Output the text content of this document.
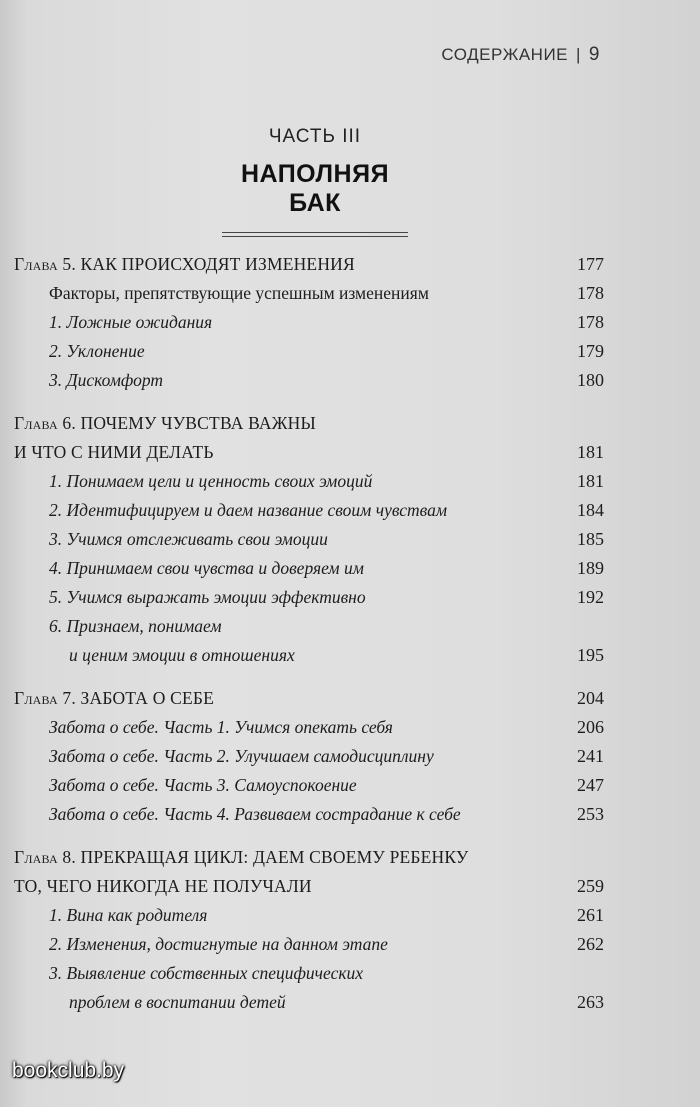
СОДЕРЖАНИЕ | 9
ЧАСТЬ III
НАПОЛНЯЯ БАК
Глава 5. КАК ПРОИСХОДЯТ ИЗМЕНЕНИЯ	177
Факторы, препятствующие успешным изменениям	178
1. Ложные ожидания	178
2. Уклонение	179
3. Дискомфорт	180
Глава 6. ПОЧЕМУ ЧУВСТВА ВАЖНЫ
И ЧТО С НИМИ ДЕЛАТЬ	181
1. Понимаем цели и ценность своих эмоций	181
2. Идентифицируем и даем название своим чувствам	184
3. Учимся отслеживать свои эмоции	185
4. Принимаем свои чувства и доверяем им	189
5. Учимся выражать эмоции эффективно	192
6. Признаем, понимаем
и ценим эмоции в отношениях	195
Глава 7. ЗАБОТА О СЕБЕ	204
Забота о себе. Часть 1. Учимся опекать себя	206
Забота о себе. Часть 2. Улучшаем самодисциплину	241
Забота о себе. Часть 3. Самоуспокоение	247
Забота о себе. Часть 4. Развиваем сострадание к себе	253
Глава 8. ПРЕКРАЩАЯ ЦИКЛ: ДАЕМ СВОЕМУ РЕБЕНКУ
ТО, ЧЕГО НИКОГДА НЕ ПОЛУЧАЛИ	259
1. Вина как родителя	261
2. Изменения, достигнутые на данном этапе	262
3. Выявление собственных специфических
проблем в воспитании детей	263
bookclub.by
